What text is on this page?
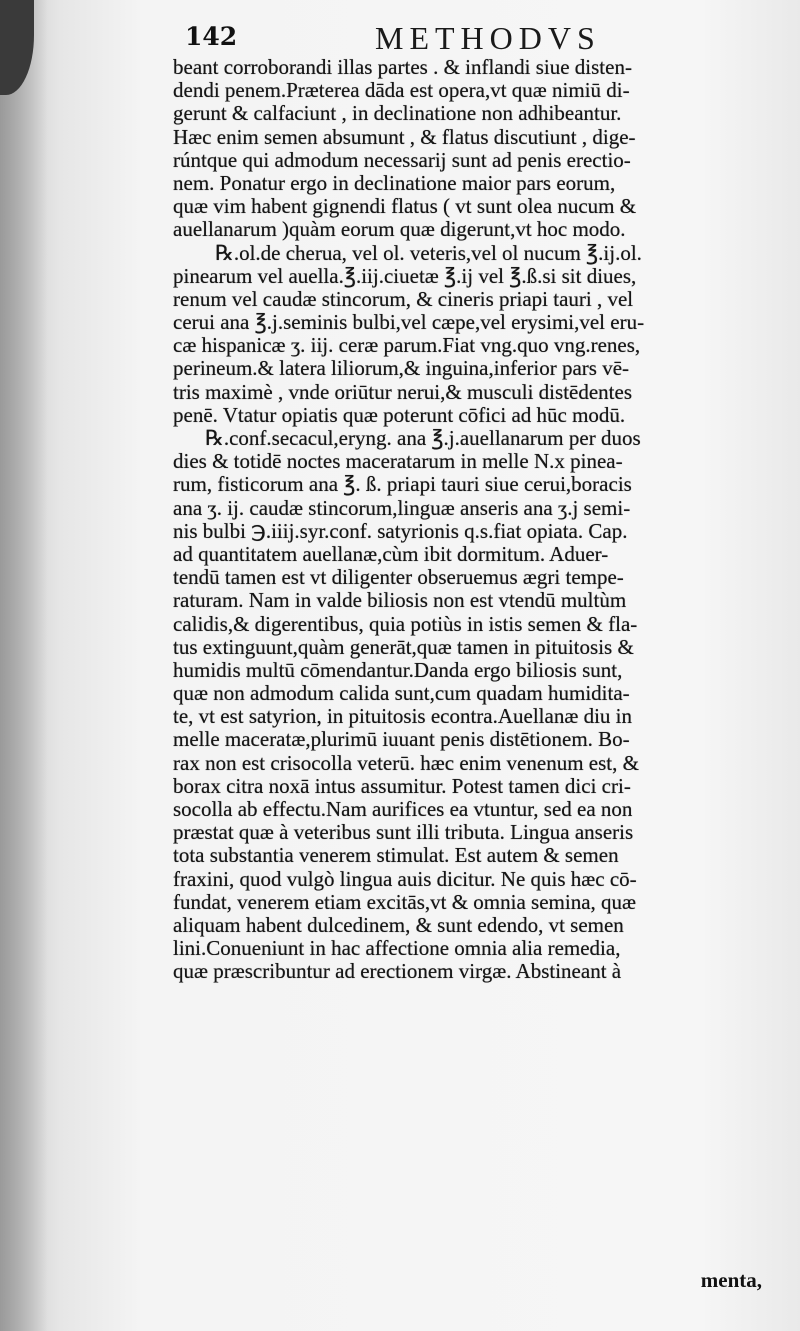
142	METHODVS
beant corroborandi illas partes . & inflandi siue disten-
dendi penem.Præterea dāda est opera,vt quæ nimiū di-
gerunt & calfaciunt , in declinatione non adhibeantur.
Hæc enim semen absumunt , & flatus discutiunt , dige-
rúntque qui admodum necessarij sunt ad penis erectio-
nem. Ponatur ergo in declinatione maior pars eorum,
quæ vim habent gignendi flatus ( vt sunt olea nucum &
auellanarum )quàm eorum quæ digerunt,vt hoc modo.
℞.ol.de cherua, vel ol. veteris,vel ol nucum ℥.ij.ol.
pinearum vel auella.℥.iij.ciuetæ ℥.ij vel ℥.ß.si sit diues,
renum vel caudæ stincorum, & cineris priapi tauri , vel
cerui ana ℥.j.seminis bulbi,vel cæpe,vel erysimi,vel eru-
cæ hispanicæ ʒ. iij. ceræ parum.Fiat vng.quo vng.renes,
perineum.& latera liliorum,& inguina,inferior pars vē-
tris maximè , vnde oriūtur nerui,& musculi distēdentes
penē. Vtatur opiatis quæ poterunt cōfici ad hūc modū.
℞.conf.secacul,eryng. ana ℥.j.auellanarum per duos
dies & totidē noctes maceratarum in melle N.x pinea-
rum, fisticorum ana ℥. ß. priapi tauri siue cerui,boracis
ana ʒ. ij. caudæ stincorum,linguæ anseris ana ʒ.j semi-
nis bulbi ℈.iiij.syr.conf. satyrionis q.s.fiat opiata. Cap.
ad quantitatem auellanæ,cùm ibit dormitum. Aduer-
tendū tamen est vt diligenter obseruemus ægri tempe-
raturam. Nam in valde biliosis non est vtendū multùm
calidis,& digerentibus, quia potiùs in istis semen & fla-
tus extinguunt,quàm generāt,quæ tamen in pituitosis &
humidis multū cōmendantur.Danda ergo biliosis sunt,
quæ non admodum calida sunt,cum quadam humidita-
te, vt est satyrion, in pituitosis econtra.Auellanæ diu in
melle maceratæ,plurimū iuuant penis distētionem. Bo-
rax non est crisocolla veterū. hæc enim venenum est, &
borax citra noxā intus assumitur. Potest tamen dici cri-
socolla ab effectu.Nam aurifices ea vtuntur, sed ea non
præstat quæ à veteribus sunt illi tributa. Lingua anseris
tota substantia venerem stimulat. Est autem & semen
fraxini, quod vulgò lingua auis dicitur. Ne quis hæc cō-
fundat, venerem etiam excitās,vt & omnia semina, quæ
aliquam habent dulcedinem, & sunt edendo, vt semen
lini.Conueniunt in hac affectione omnia alia remedia,
quæ præscribuntur ad erectionem virgæ. Abstineant à
menta,
